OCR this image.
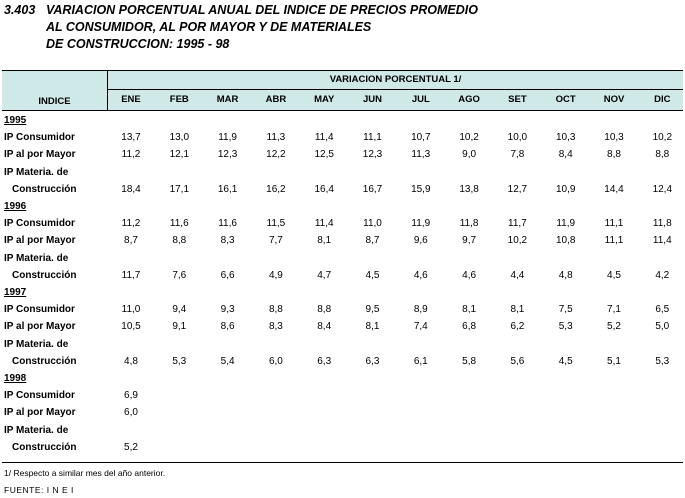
3.403 VARIACION PORCENTUAL ANUAL DEL INDICE DE PRECIOS PROMEDIO
AL CONSUMIDOR, AL POR MAYOR Y DE MATERIALES
DE CONSTRUCCION: 1995 - 98
INDICE
VARIACION PORCENTUAL 1/
ENE	FEB	MAR	ABR	MAY	JUN	JUL	AGO	SET	OCT	NOV	DIC
1995
IP Consumidor	13,7	13,0	11,9	11,3	11,4	11,1	10,7	10,2	10,0	10,3	10,3	10,2
IP al por Mayor	11,2	12,1	12,3	12,2	12,5	12,3	11,3	9,0	7,8	8,4	8,8	8,8
IP Materia. de
Construcción	18,4	17,1	16,1	16,2	16,4	16,7	15,9	13,8	12,7	10,9	14,4	12,4
1996
IP Consumidor	11,2	11,6	11,6	11,5	11,4	11,0	11,9	11,8	11,7	11,9	11,1	11,8
IP al por Mayor	8,7	8,8	8,3	7,7	8,1	8,7	9,6	9,7	10,2	10,8	11,1	11,4
IP Materia. de
Construcción	11,7	7,6	6,6	4,9	4,7	4,5	4,6	4,6	4,4	4,8	4,5	4,2
1997
IP Consumidor	11,0	9,4	9,3	8,8	8,8	9,5	8,9	8,1	8,1	7,5	7,1	6,5
IP al por Mayor	10,5	9,1	8,6	8,3	8,4	8,1	7,4	6,8	6,2	5,3	5,2	5,0
IP Materia. de
Construcción	4,8	5,3	5,4	6,0	6,3	6,3	6,1	5,8	5,6	4,5	5,1	5,3
1998
IP Consumidor	6,9
IP al por Mayor	6,0
IP Materia. de
Construcción	5,2
1/ Respecto a similar mes del año anterior.
FUENTE: I N E I
